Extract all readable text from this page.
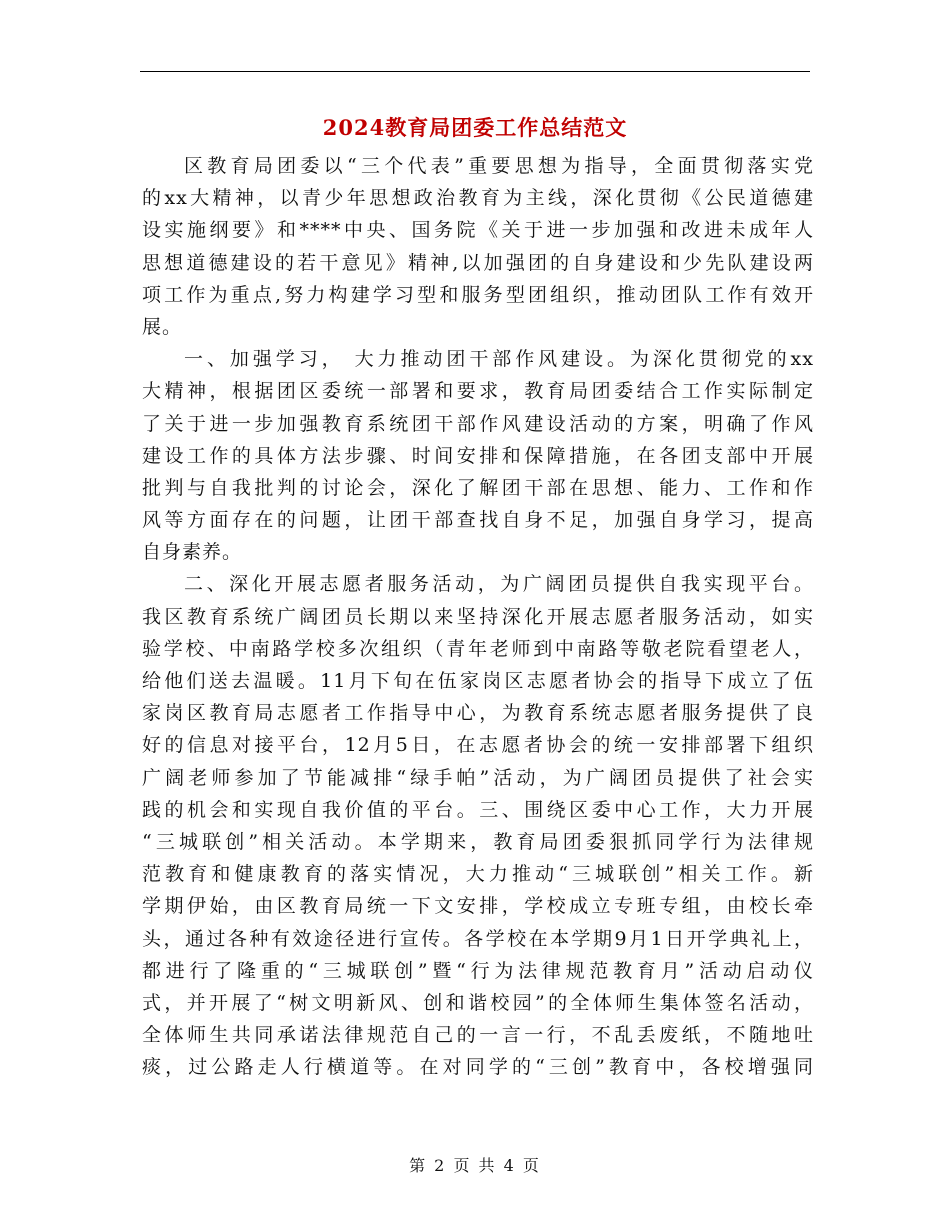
2024教育局团委工作总结范文
区教育局团委以“三个代表”重要思想为指导，全面贯彻落实党
的xx大精神，以青少年思想政治教育为主线，深化贯彻《公民道德建
设实施纲要》和****中央、国务院《关于进一步加强和改进未成年人
思想道德建设的若干意见》精神,以加强团的自身建设和少先队建设两
项工作为重点,努力构建学习型和服务型团组织，推动团队工作有效开
展。
一、加强学习， 大力推动团干部作风建设。为深化贯彻党的xx
大精神，根据团区委统一部署和要求，教育局团委结合工作实际制定
了关于进一步加强教育系统团干部作风建设活动的方案，明确了作风
建设工作的具体方法步骤、时间安排和保障措施，在各团支部中开展
批判与自我批判的讨论会，深化了解团干部在思想、能力、工作和作
风等方面存在的问题，让团干部查找自身不足，加强自身学习，提高
自身素养。
二、深化开展志愿者服务活动，为广阔团员提供自我实现平台。
我区教育系统广阔团员长期以来坚持深化开展志愿者服务活动，如实
验学校、中南路学校多次组织（青年老师到中南路等敬老院看望老人，
给他们送去温暖。11月下旬在伍家岗区志愿者协会的指导下成立了伍
家岗区教育局志愿者工作指导中心，为教育系统志愿者服务提供了良
好的信息对接平台，12月5日，在志愿者协会的统一安排部署下组织
广阔老师参加了节能减排“绿手帕”活动，为广阔团员提供了社会实
践的机会和实现自我价值的平台。三、围绕区委中心工作，大力开展
“三城联创”相关活动。本学期来，教育局团委狠抓同学行为法律规
范教育和健康教育的落实情况，大力推动“三城联创”相关工作。新
学期伊始，由区教育局统一下文安排，学校成立专班专组，由校长牵
头，通过各种有效途径进行宣传。各学校在本学期9月1日开学典礼上，
都进行了隆重的“三城联创”暨“行为法律规范教育月”活动启动仪
式，并开展了“树文明新风、创和谐校园”的全体师生集体签名活动，
全体师生共同承诺法律规范自己的一言一行，不乱丢废纸，不随地吐
痰，过公路走人行横道等。在对同学的“三创”教育中，各校增强同
第 2 页 共 4 页
